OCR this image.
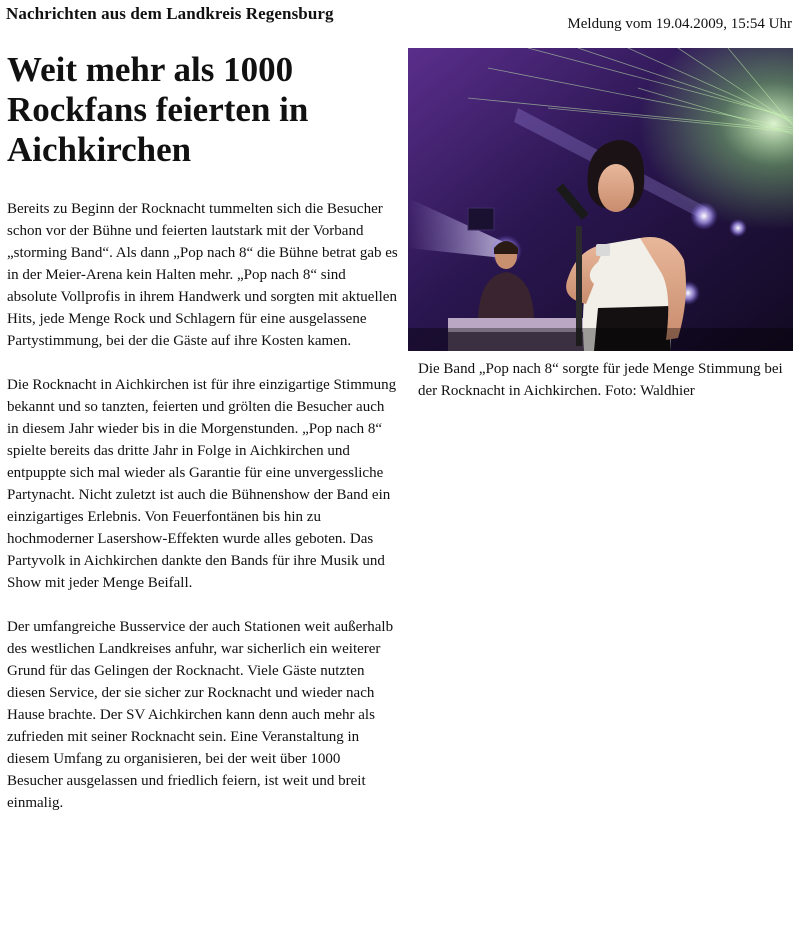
Nachrichten aus dem Landkreis Regensburg
Meldung vom 19.04.2009, 15:54 Uhr
Weit mehr als 1000 Rockfans feierten in Aichkirchen

Bereits zu Beginn der Rocknacht tummelten sich die Besucher schon vor der Bühne und feierten lautstark mit der Vorband „storming Band“. Als dann „Pop nach 8“ die Bühne betrat gab es in der Meier-Arena kein Halten mehr. „Pop nach 8“ sind absolute Vollprofis in ihrem Handwerk und sorgten mit aktuellen Hits, jede Menge Rock und Schlagern für eine ausgelassene Partystimmung, bei der die Gäste auf ihre Kosten kamen.

Die Rocknacht in Aichkirchen ist für ihre einzigartige Stimmung bekannt und so tanzten, feierten und grölten die Besucher auch in diesem Jahr wieder bis in die Morgenstunden. „Pop nach 8“ spielte bereits das dritte Jahr in Folge in Aichkirchen und entpuppte sich mal wieder als Garantie für eine unvergessliche Partynacht. Nicht zuletzt ist auch die Bühnenshow der Band ein einzigartiges Erlebnis. Von Feuerfontänen bis hin zu hochmoderner Lasershow-Effekten wurde alles geboten. Das Partyvolk in Aichkirchen dankte den Bands für ihre Musik und Show mit jeder Menge Beifall.

Der umfangreiche Busservice der auch Stationen weit außerhalb des westlichen Landkreises anfuhr, war sicherlich ein weiterer Grund für das Gelingen der Rocknacht. Viele Gäste nutzten diesen Service, der sie sicher zur Rocknacht und wieder nach Hause brachte. Der SV Aichkirchen kann denn auch mehr als zufrieden mit seiner Rocknacht sein. Eine Veranstaltung in diesem Umfang zu organisieren, bei der weit über 1000 Besucher ausgelassen und friedlich feiern, ist weit und breit einmalig.

Die Band „Pop nach 8“ sorgte für jede Menge Stimmung bei der Rocknacht in Aichkirchen. Foto: Waldhier
